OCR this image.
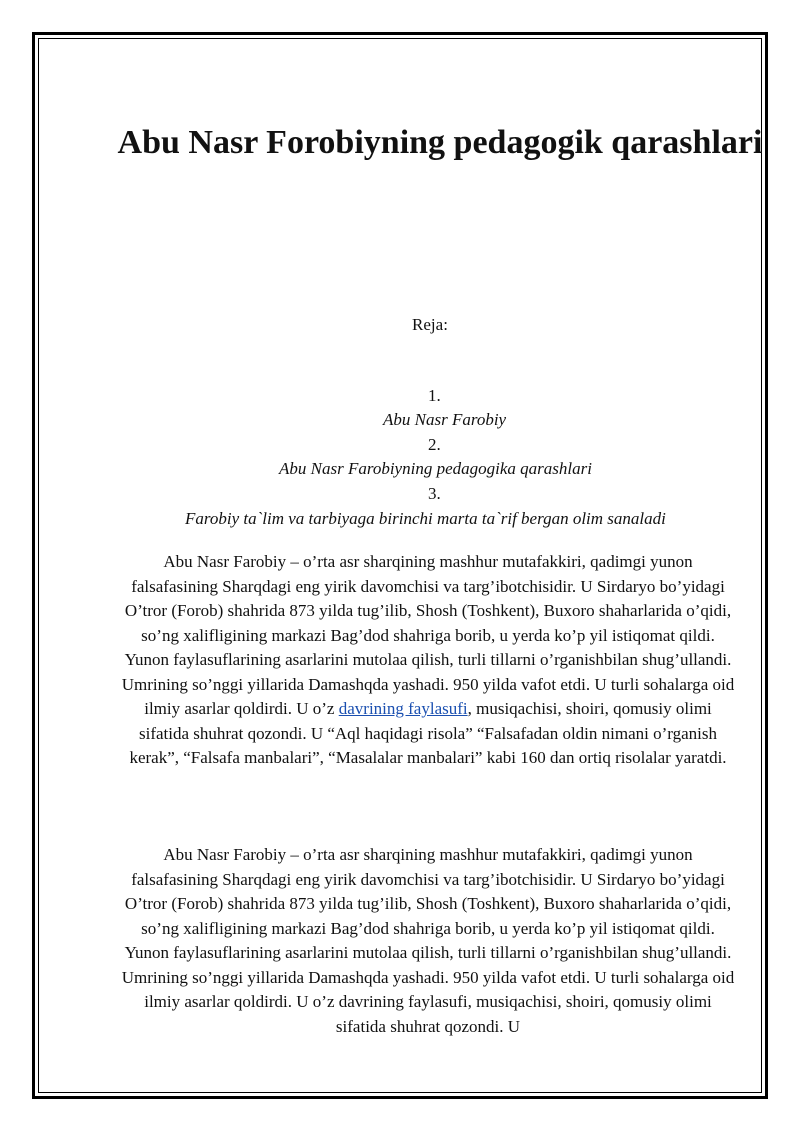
Abu Nasr Forobiyning pedagogik qarashlari
Reja:
1.
Abu Nasr Farobiy
2.
Abu Nasr Farobiyning pedagogika qarashlari
3.
Farobiy ta`lim va tarbiyaga birinchi marta ta`rif bergan olim sanaladi

Abu Nasr Farobiy – o’rta asr sharqining mashhur mutafakkiri, qadimgi yunon falsafasining Sharqdagi eng yirik davomchisi va targ’ibotchisidir. U Sirdaryo bo’yidagi O’tror (Forob) shahrida 873 yilda tug’ilib, Shosh (Toshkent), Buxoro shaharlarida o’qidi, so’ng xalifligining markazi Bag’dod shahriga borib, u yerda ko’p yil istiqomat qildi. Yunon faylasuflarining asarlarini mutolaa qilish, turli tillarni o’rganishbilan shug’ullandi. Umrining so’nggi yillarida Damashqda yashadi. 950 yilda vafot etdi. U turli sohalarga oid ilmiy asarlar qoldirdi. U o’z davrining faylasufi, musiqachisi, shoiri, qomusiy olimi sifatida shuhrat qozondi. U “Aql haqidagi risola” “Falsafadan oldin nimani o’rganish kerak”, “Falsafa manbalari”, “Masalalar manbalari” kabi 160 dan ortiq risolalar yaratdi.

Abu Nasr Farobiy – o’rta asr sharqining mashhur mutafakkiri, qadimgi yunon falsafasining Sharqdagi eng yirik davomchisi va targ’ibotchisidir. U Sirdaryo bo’yidagi O’tror (Forob) shahrida 873 yilda tug’ilib, Shosh (Toshkent), Buxoro shaharlarida o’qidi, so’ng xalifligining markazi Bag’dod shahriga borib, u yerda ko’p yil istiqomat qildi. Yunon faylasuflarining asarlarini mutolaa qilish, turli tillarni o’rganishbilan shug’ullandi. Umrining so’nggi yillarida Damashqda yashadi. 950 yilda vafot etdi. U turli sohalarga oid ilmiy asarlar qoldirdi. U o’z davrining faylasufi, musiqachisi, shoiri, qomusiy olimi sifatida shuhrat qozondi. U
